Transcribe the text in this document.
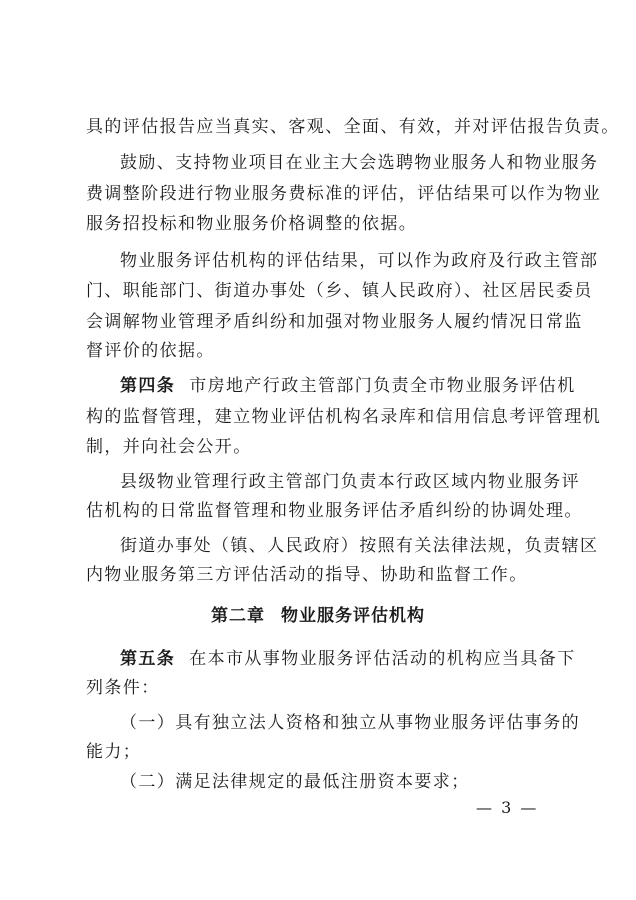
具的评估报告应当真实、客观、全面、有效，并对评估报告负责。
鼓励、支持物业项目在业主大会选聘物业服务人和物业服务
费调整阶段进行物业服务费标准的评估，评估结果可以作为物业
服务招投标和物业服务价格调整的依据。
物业服务评估机构的评估结果，可以作为政府及行政主管部
门、职能部门、街道办事处（乡、镇人民政府）、社区居民委员
会调解物业管理矛盾纠纷和加强对物业服务人履约情况日常监
督评价的依据。
第四条 市房地产行政主管部门负责全市物业服务评估机
构的监督管理，建立物业评估机构名录库和信用信息考评管理机
制，并向社会公开。
县级物业管理行政主管部门负责本行政区域内物业服务评
估机构的日常监督管理和物业服务评估矛盾纠纷的协调处理。
街道办事处（镇、人民政府）按照有关法律法规，负责辖区
内物业服务第三方评估活动的指导、协助和监督工作。
第二章 物业服务评估机构
第五条 在本市从事物业服务评估活动的机构应当具备下
列条件：
（一）具有独立法人资格和独立从事物业服务评估事务的
能力；
（二）满足法律规定的最低注册资本要求；
— 3 —
